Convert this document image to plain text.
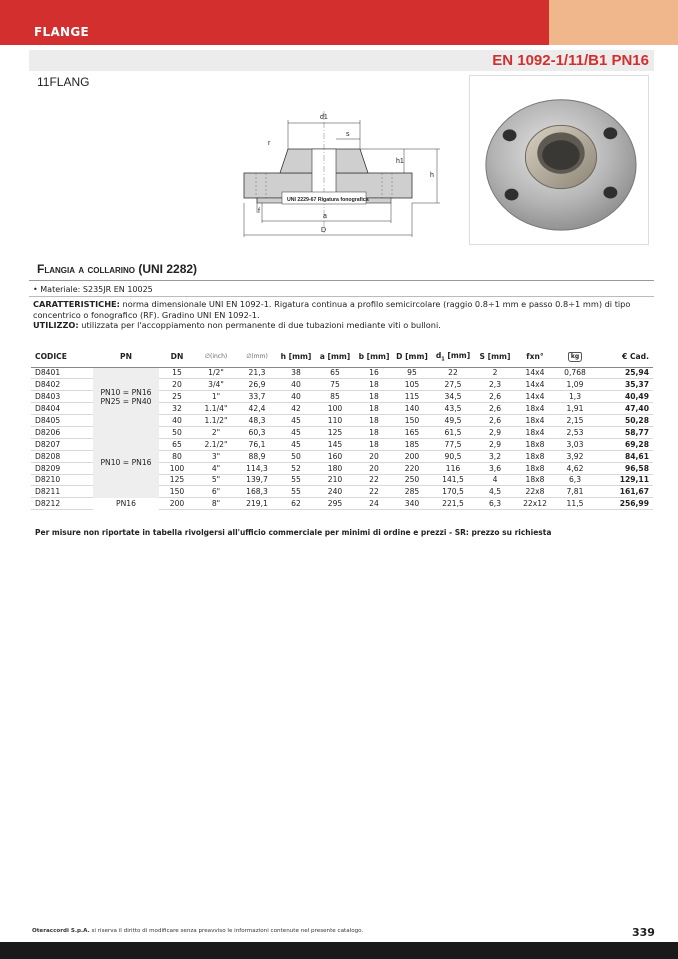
FLANGE
EN 1092-1/11/B1 PN16
11FLANG
UNI 2229-67 Rigatura fonografica
d1
s
r
h1
h
f
a
D
Flangia a collarino (UNI 2282)
• Materiale: S235JR EN 10025
CARATTERISTICHE: norma dimensionale UNI EN 1092-1. Rigatura continua a profilo semicircolare (raggio 0.8÷1 mm e passo 0.8÷1 mm) di tipo concentrico o fonografico (RF). Gradino UNI EN 1092-1.
UTILIZZO: utilizzata per l'accoppiamento non permanente di due tubazioni mediante viti o bulloni.
CODICE	PN	DN	∅(inch)	∅(mm)	h [mm]	a [mm]	b [mm]	D [mm]	$d_1$ [mm]	S [mm]	fxn°	kg	€ Cad.
D8401	PN10 = PN16
PN25 = PN40	15	1/2"	21,3	38	65	16	95	22	2	14x4	0,768	25,94
D8402		20	3/4"	26,9	40	75	18	105	27,5	2,3	14x4	1,09	35,37
D8403		25	1"	33,7	40	85	18	115	34,5	2,6	14x4	1,3	40,49
D8404		32	1.1/4"	42,4	42	100	18	140	43,5	2,6	18x4	1,91	47,40
D8405		40	1.1/2"	48,3	45	110	18	150	49,5	2,6	18x4	2,15	50,28
D8206	PN10 = PN16	50	2"	60,3	45	125	18	165	61,5	2,9	18x4	2,53	58,77
D8207		65	2.1/2"	76,1	45	145	18	185	77,5	2,9	18x8	3,03	69,28
D8208		80	3"	88,9	50	160	20	200	90,5	3,2	18x8	3,92	84,61
D8209		100	4"	114,3	52	180	20	220	116	3,6	18x8	4,62	96,58
D8210		125	5"	139,7	55	210	22	250	141,5	4	18x8	6,3	129,11
D8211		150	6"	168,3	55	240	22	285	170,5	4,5	22x8	7,81	161,67
D8212	PN16	200	8"	219,1	62	295	24	340	221,5	6,3	22x12	11,5	256,99
Per misure non riportate in tabella rivolgersi all'ufficio commerciale per minimi di ordine e prezzi - SR: prezzo su richiesta
Oteraccordi S.p.A. si riserva il diritto di modificare senza preavviso le informazioni contenute nel presente catalogo.	339
